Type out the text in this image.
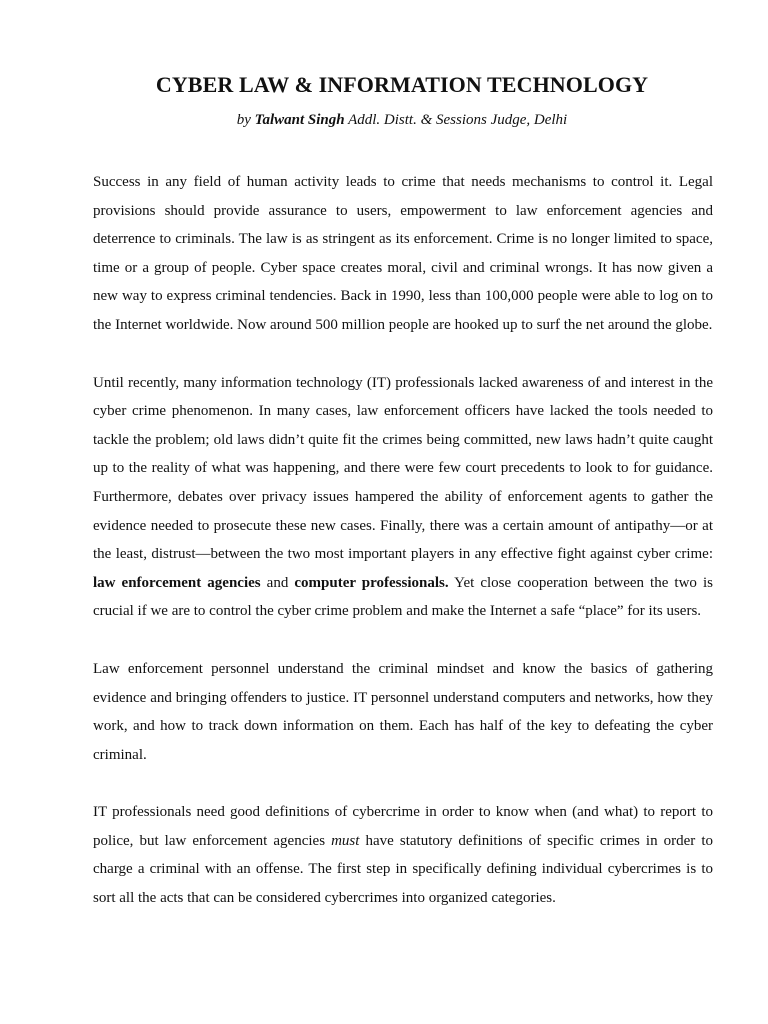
CYBER LAW & INFORMATION TECHNOLOGY

by Talwant Singh Addl. Distt. & Sessions Judge, Delhi

Success in any field of human activity leads to crime that needs mechanisms to control it. Legal provisions should provide assurance to users, empowerment to law enforcement agencies and deterrence to criminals. The law is as stringent as its enforcement. Crime is no longer limited to space, time or a group of people. Cyber space creates moral, civil and criminal wrongs. It has now given a new way to express criminal tendencies. Back in 1990, less than 100,000 people were able to log on to the Internet worldwide. Now around 500 million people are hooked up to surf the net around the globe.

Until recently, many information technology (IT) professionals lacked awareness of and interest in the cyber crime phenomenon. In many cases, law enforcement officers have lacked the tools needed to tackle the problem; old laws didn’t quite fit the crimes being committed, new laws hadn’t quite caught up to the reality of what was happening, and there were few court precedents to look to for guidance. Furthermore, debates over privacy issues hampered the ability of enforcement agents to gather the evidence needed to prosecute these new cases. Finally, there was a certain amount of antipathy—or at the least, distrust—between the two most important players in any effective fight against cyber crime: law enforcement agencies and computer professionals. Yet close cooperation between the two is crucial if we are to control the cyber crime problem and make the Internet a safe “place” for its users.

Law enforcement personnel understand the criminal mindset and know the basics of gathering evidence and bringing offenders to justice. IT personnel understand computers and networks, how they work, and how to track down information on them. Each has half of the key to defeating the cyber criminal.

IT professionals need good definitions of cybercrime in order to know when (and what) to report to police, but law enforcement agencies must have statutory definitions of specific crimes in order to charge a criminal with an offense. The first step in specifically defining individual cybercrimes is to sort all the acts that can be considered cybercrimes into organized categories.
